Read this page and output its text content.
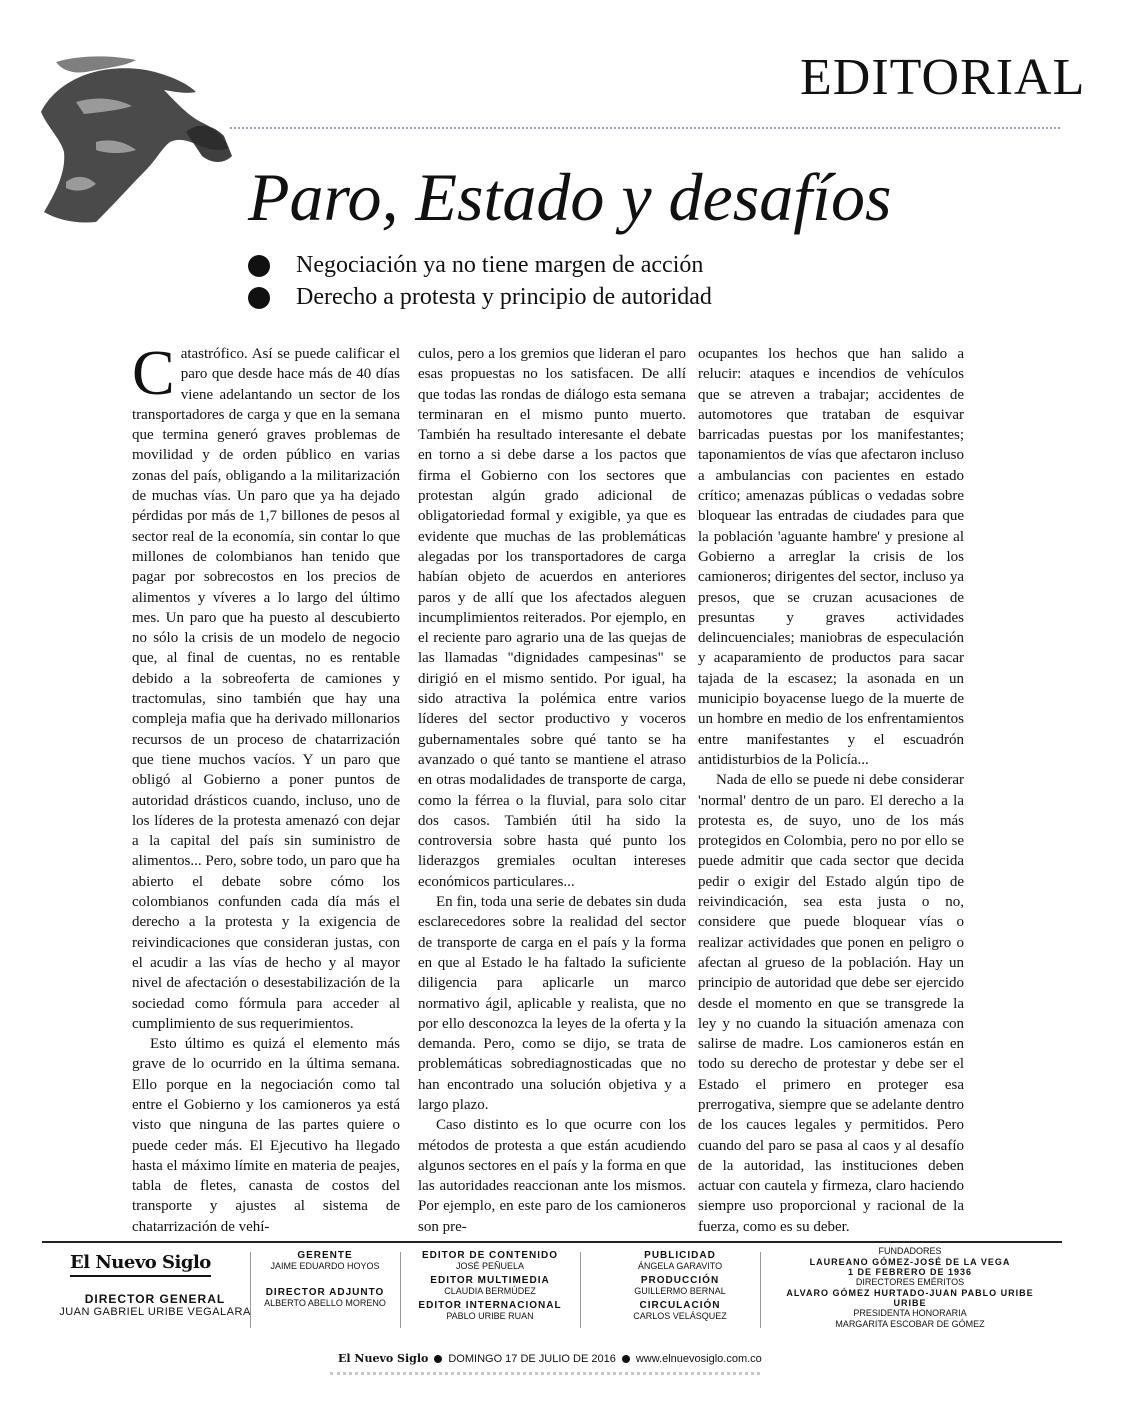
EDITORIAL
Paro, Estado y desafíos
Negociación ya no tiene margen de acción
Derecho a protesta y principio de autoridad

Catastrófico. Así se puede calificar el paro que desde hace más de 40 días viene adelantando un sector de los transportadores de carga y que en la semana que termina generó graves problemas de movilidad y de orden público en varias zonas del país, obligando a la militarización de muchas vías. Un paro que ya ha dejado pérdidas por más de 1,7 billones de pesos al sector real de la economía, sin contar lo que millones de colombianos han tenido que pagar por sobrecostos en los precios de alimentos y víveres a lo largo del último mes. Un paro que ha puesto al descubierto no sólo la crisis de un modelo de negocio que, al final de cuentas, no es rentable debido a la sobreoferta de camiones y tractomulas, sino también que hay una compleja mafia que ha derivado millonarios recursos de un proceso de chatarrización que tiene muchos vacíos. Y un paro que obligó al Gobierno a poner puntos de autoridad drásticos cuando, incluso, uno de los líderes de la protesta amenazó con dejar a la capital del país sin suministro de alimentos... Pero, sobre todo, un paro que ha abierto el debate sobre cómo los colombianos confunden cada día más el derecho a la protesta y la exigencia de reivindicaciones que consideran justas, con el acudir a las vías de hecho y al mayor nivel de afectación o desestabilización de la sociedad como fórmula para acceder al cumplimiento de sus requerimientos.

Esto último es quizá el elemento más grave de lo ocurrido en la última semana. Ello porque en la negociación como tal entre el Gobierno y los camioneros ya está visto que ninguna de las partes quiere o puede ceder más. El Ejecutivo ha llegado hasta el máximo límite en materia de peajes, tabla de fletes, canasta de costos del transporte y ajustes al sistema de chatarrización de vehí-

culos, pero a los gremios que lideran el paro esas propuestas no los satisfacen. De allí que todas las rondas de diálogo esta semana terminaran en el mismo punto muerto. También ha resultado interesante el debate en torno a si debe darse a los pactos que firma el Gobierno con los sectores que protestan algún grado adicional de obligatoriedad formal y exigible, ya que es evidente que muchas de las problemáticas alegadas por los transportadores de carga habían objeto de acuerdos en anteriores paros y de allí que los afectados aleguen incumplimientos reiterados. Por ejemplo, en el reciente paro agrario una de las quejas de las llamadas "dignidades campesinas" se dirigió en el mismo sentido. Por igual, ha sido atractiva la polémica entre varios líderes del sector productivo y voceros gubernamentales sobre qué tanto se ha avanzado o qué tanto se mantiene el atraso en otras modalidades de transporte de carga, como la férrea o la fluvial, para solo citar dos casos. También útil ha sido la controversia sobre hasta qué punto los liderazgos gremiales ocultan intereses económicos particulares...

En fin, toda una serie de debates sin duda esclarecedores sobre la realidad del sector de transporte de carga en el país y la forma en que al Estado le ha faltado la suficiente diligencia para aplicarle un marco normativo ágil, aplicable y realista, que no por ello desconozca la leyes de la oferta y la demanda. Pero, como se dijo, se trata de problemáticas sobrediagnosticadas que no han encontrado una solución objetiva y a largo plazo.

Caso distinto es lo que ocurre con los métodos de protesta a que están acudiendo algunos sectores en el país y la forma en que las autoridades reaccionan ante los mismos. Por ejemplo, en este paro de los camioneros son pre-

ocupantes los hechos que han salido a relucir: ataques e incendios de vehículos que se atreven a trabajar; accidentes de automotores que trataban de esquivar barricadas puestas por los manifestantes; taponamientos de vías que afectaron incluso a ambulancias con pacientes en estado crítico; amenazas públicas o vedadas sobre bloquear las entradas de ciudades para que la población 'aguante hambre' y presione al Gobierno a arreglar la crisis de los camioneros; dirigentes del sector, incluso ya presos, que se cruzan acusaciones de presuntas y graves actividades delincuenciales; maniobras de especulación y acaparamiento de productos para sacar tajada de la escasez; la asonada en un municipio boyacense luego de la muerte de un hombre en medio de los enfrentamientos entre manifestantes y el escuadrón antidisturbios de la Policía...

Nada de ello se puede ni debe considerar 'normal' dentro de un paro. El derecho a la protesta es, de suyo, uno de los más protegidos en Colombia, pero no por ello se puede admitir que cada sector que decida pedir o exigir del Estado algún tipo de reivindicación, sea esta justa o no, considere que puede bloquear vías o realizar actividades que ponen en peligro o afectan al grueso de la población. Hay un principio de autoridad que debe ser ejercido desde el momento en que se transgrede la ley y no cuando la situación amenaza con salirse de madre. Los camioneros están en todo su derecho de protestar y debe ser el Estado el primero en proteger esa prerrogativa, siempre que se adelante dentro de los cauces legales y permitidos. Pero cuando del paro se pasa al caos y al desafío de la autoridad, las instituciones deben actuar con cautela y firmeza, claro haciendo siempre uso proporcional y racional de la fuerza, como es su deber.

El Nuevo Siglo
DIRECTOR GENERAL
JUAN GABRIEL URIBE VEGALARA
GERENTE
JAIME EDUARDO HOYOS
DIRECTOR ADJUNTO
ALBERTO ABELLO MORENO
EDITOR DE CONTENIDO
JOSÉ PEÑUELA
EDITOR MULTIMEDIA
CLAUDIA BERMÚDEZ
EDITOR INTERNACIONAL
PABLO URIBE RUAN
PUBLICIDAD
ÁNGELA GARAVITO
PRODUCCIÓN
GUILLERMO BERNAL
CIRCULACIÓN
CARLOS VELÁSQUEZ
FUNDADORES
LAUREANO GÓMEZ-JOSÉ DE LA VEGA
1 DE FEBRERO DE 1936
DIRECTORES EMÉRITOS
ALVARO GÓMEZ HURTADO-JUAN PABLO URIBE URIBE
PRESIDENTA HONORARIA
MARGARITA ESCOBAR DE GÓMEZ
El Nuevo Siglo DOMINGO 17 DE JULIO DE 2016 www.elnuevosiglo.com.co
